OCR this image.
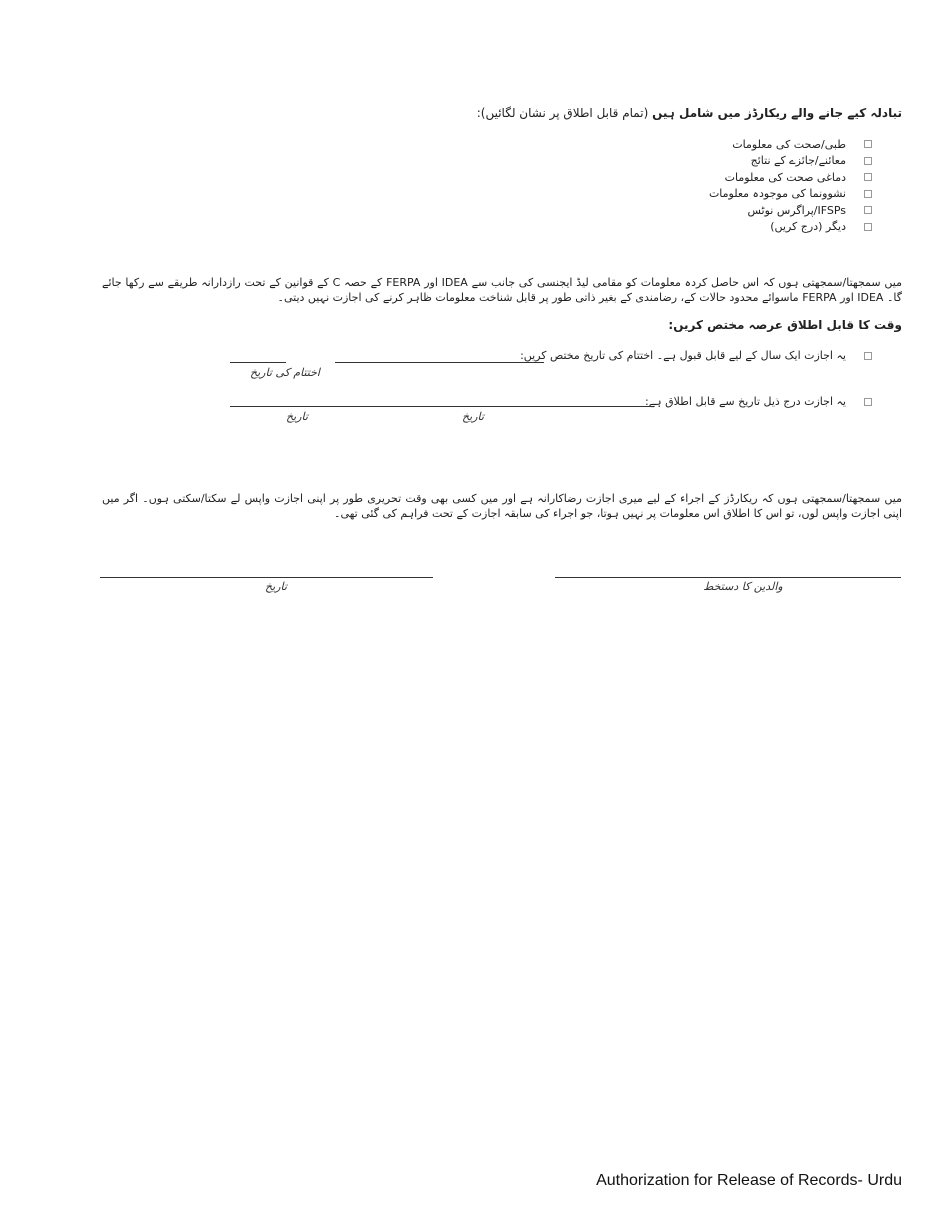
تبادلہ کیے جانے والے ریکارڈز میں شامل ہیں (تمام قابل اطلاق پر نشان لگائیں):
طبی/صحت کی معلومات
معائنے/جائزے کے نتائج
دماغی صحت کی معلومات
نشوونما کی موجودہ معلومات
IFSPs/پراگرس نوٹس
دیگر (درج کریں)
میں سمجھتا/سمجھتی ہوں کہ اس حاصل کردہ معلومات کو مقامی لیڈ ایجنسی کی جانب سے IDEA اور FERPA کے حصہ C کے قوانین کے تحت رازدارانہ طریقے سے رکھا جائے گا۔ IDEA اور FERPA ماسوائے محدود حالات کے، رضامندی کے بغیر ذاتی طور پر قابل شناخت معلومات ظاہر کرنے کی اجازت نہیں دیتی۔
وقت کا قابل اطلاق عرصہ مختص کریں:
یہ اجازت ایک سال کے لیے قابل قبول ہے۔ اختتام کی تاریخ مختص کریں:
اختتام کی تاریخ
یہ اجازت درج ذیل تاریخ سے قابل اطلاق ہے:
تاریخ	تاریخ
میں سمجھتا/سمجھتی ہوں کہ ریکارڈز کے اجراء کے لیے میری اجازت رضاکارانہ ہے اور میں کسی بھی وقت تحریری طور پر اپنی اجازت واپس لے سکتا/سکتی ہوں۔ اگر میں اپنی اجازت واپس لوں، تو اس کا اطلاق اس معلومات پر نہیں ہوتا، جو اجراء کی سابقہ اجازت کے تحت فراہم کی گئی تھی۔
والدین کا دستخط
تاریخ
Authorization for Release of Records- Urdu
